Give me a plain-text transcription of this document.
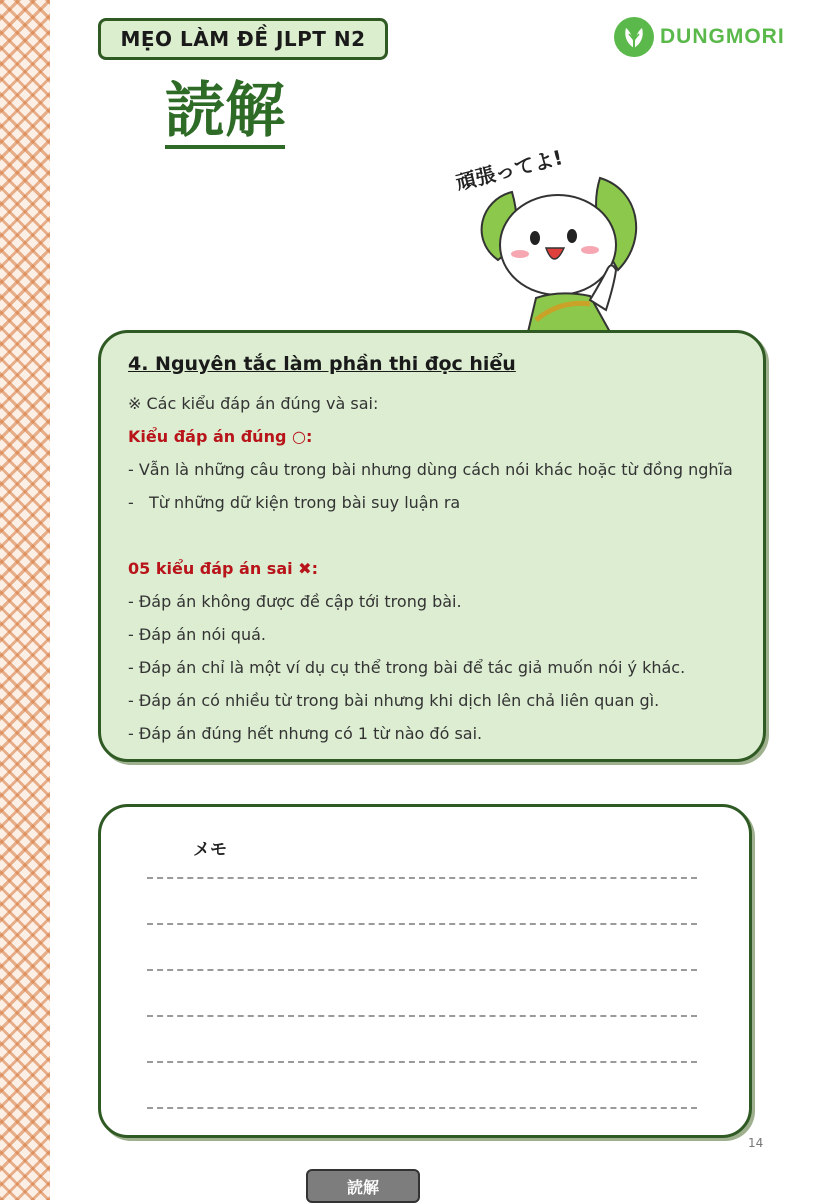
MẸO LÀM ĐỀ JLPT N2	DUNGMORI
読解
頑張ってよ!
4. Nguyên tắc làm phần thi đọc hiểu
※ Các kiểu đáp án đúng và sai:
Kiểu đáp án đúng ○:
- Vẫn là những câu trong bài nhưng dùng cách nói khác hoặc từ đồng nghĩa
-   Từ những dữ kiện trong bài suy luận ra
05 kiểu đáp án sai ✖:
- Đáp án không được đề cập tới trong bài.
- Đáp án nói quá.
- Đáp án chỉ là một ví dụ cụ thể trong bài để tác giả muốn nói ý khác.
- Đáp án có nhiều từ trong bài nhưng khi dịch lên chả liên quan gì.
- Đáp án đúng hết nhưng có 1 từ nào đó sai.
メモ
14
読解
